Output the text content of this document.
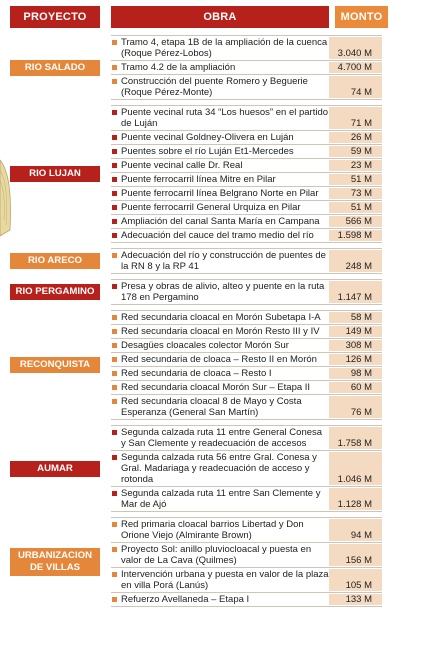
PROYECTO	OBRA	MONTO
RIO SALADO
Tramo 4, etapa 1B de la ampliación de la cuenca (Roque Pérez-Lobos)	3.040 M
Tramo 4.2 de la ampliación	4.700 M
Construcción del puente Romero y Beguerie (Roque Pérez-Monte)	74 M
RIO LUJAN
Puente vecinal ruta 34 “Los huesos” en el partido de Luján	71 M
Puente vecinal Goldney-Olivera en Luján	26 M
Puentes sobre el río Luján Et1-Mercedes	59 M
Puente vecinal calle Dr. Real	23 M
Puente ferrocarril línea Mitre en Pilar	51 M
Puente ferrocarril línea Belgrano Norte en Pilar	73 M
Puente ferrocarril General Urquiza en Pilar	51 M
Ampliación del canal Santa María en Campana	566 M
Adecuación del cauce del tramo medio del río	1.598 M
RIO ARECO	Adecuación del río y construcción de puentes de la RN 8 y la RP 41	248 M
RIO PERGAMINO	Presa y obras de alivio, alteo y puente en la ruta 178 en Pergamino	1.147 M
RECONQUISTA
Red secundaria cloacal en Morón Subetapa I-A	58 M
Red secundaria cloacal en Morón Resto III y IV	149 M
Desagües cloacales colector Morón Sur	308 M
Red secundaria de cloaca – Resto II en Morón	126 M
Red secundaria de cloaca – Resto I	98 M
Red secundaria cloacal Morón Sur – Etapa II	60 M
Red secundaria cloacal 8 de Mayo y Costa Esperanza (General San Martín)	76 M
AUMAR
Segunda calzada ruta 11 entre General Conesa y San Clemente y readecuación de accesos	1.758 M
Segunda calzada ruta 56 entre Gral. Conesa y Gral. Madariaga y readecuación de acceso y rotonda	1.046 M
Segunda calzada ruta 11 entre San Clemente y Mar de Ajó	1.128 M
URBANIZACION DE VILLAS
Red primaria cloacal barrios Libertad y Don Orione Viejo (Almirante Brown)	94 M
Proyecto Sol: anillo pluviocloacal y puesta en valor de La Cava (Quilmes)	156 M
Intervención urbana y puesta en valor de la plaza en villa Porá (Lanús)	105 M
Refuerzo Avellaneda – Etapa I	133 M
